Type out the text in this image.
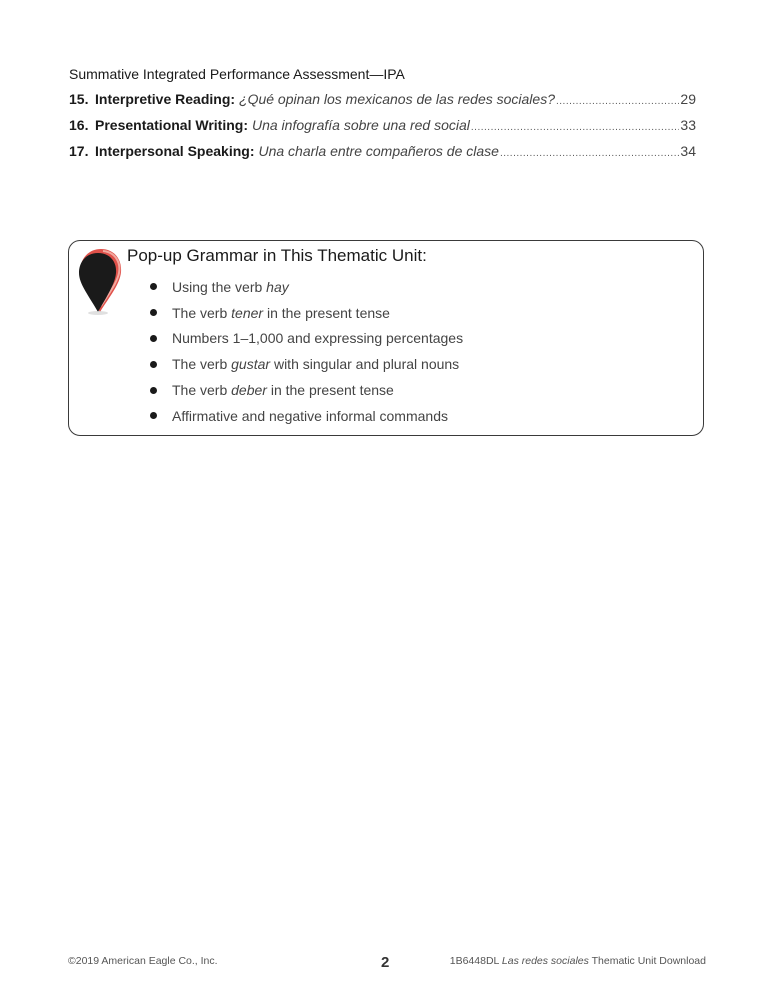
Summative Integrated Performance Assessment—IPA
15. Interpretive Reading: ¿Qué opinan los mexicanos de las redes sociales? .....	29
16. Presentational Writing: Una infografía sobre una red social .....	33
17. Interpersonal Speaking: Una charla entre compañeros de clase .....	34
Pop-up Grammar in This Thematic Unit:
Using the verb hay
The verb tener in the present tense
Numbers 1–1,000 and expressing percentages
The verb gustar with singular and plural nouns
The verb deber in the present tense
Affirmative and negative informal commands
©2019 American Eagle Co., Inc.	2	1B6448DL Las redes sociales Thematic Unit Download
